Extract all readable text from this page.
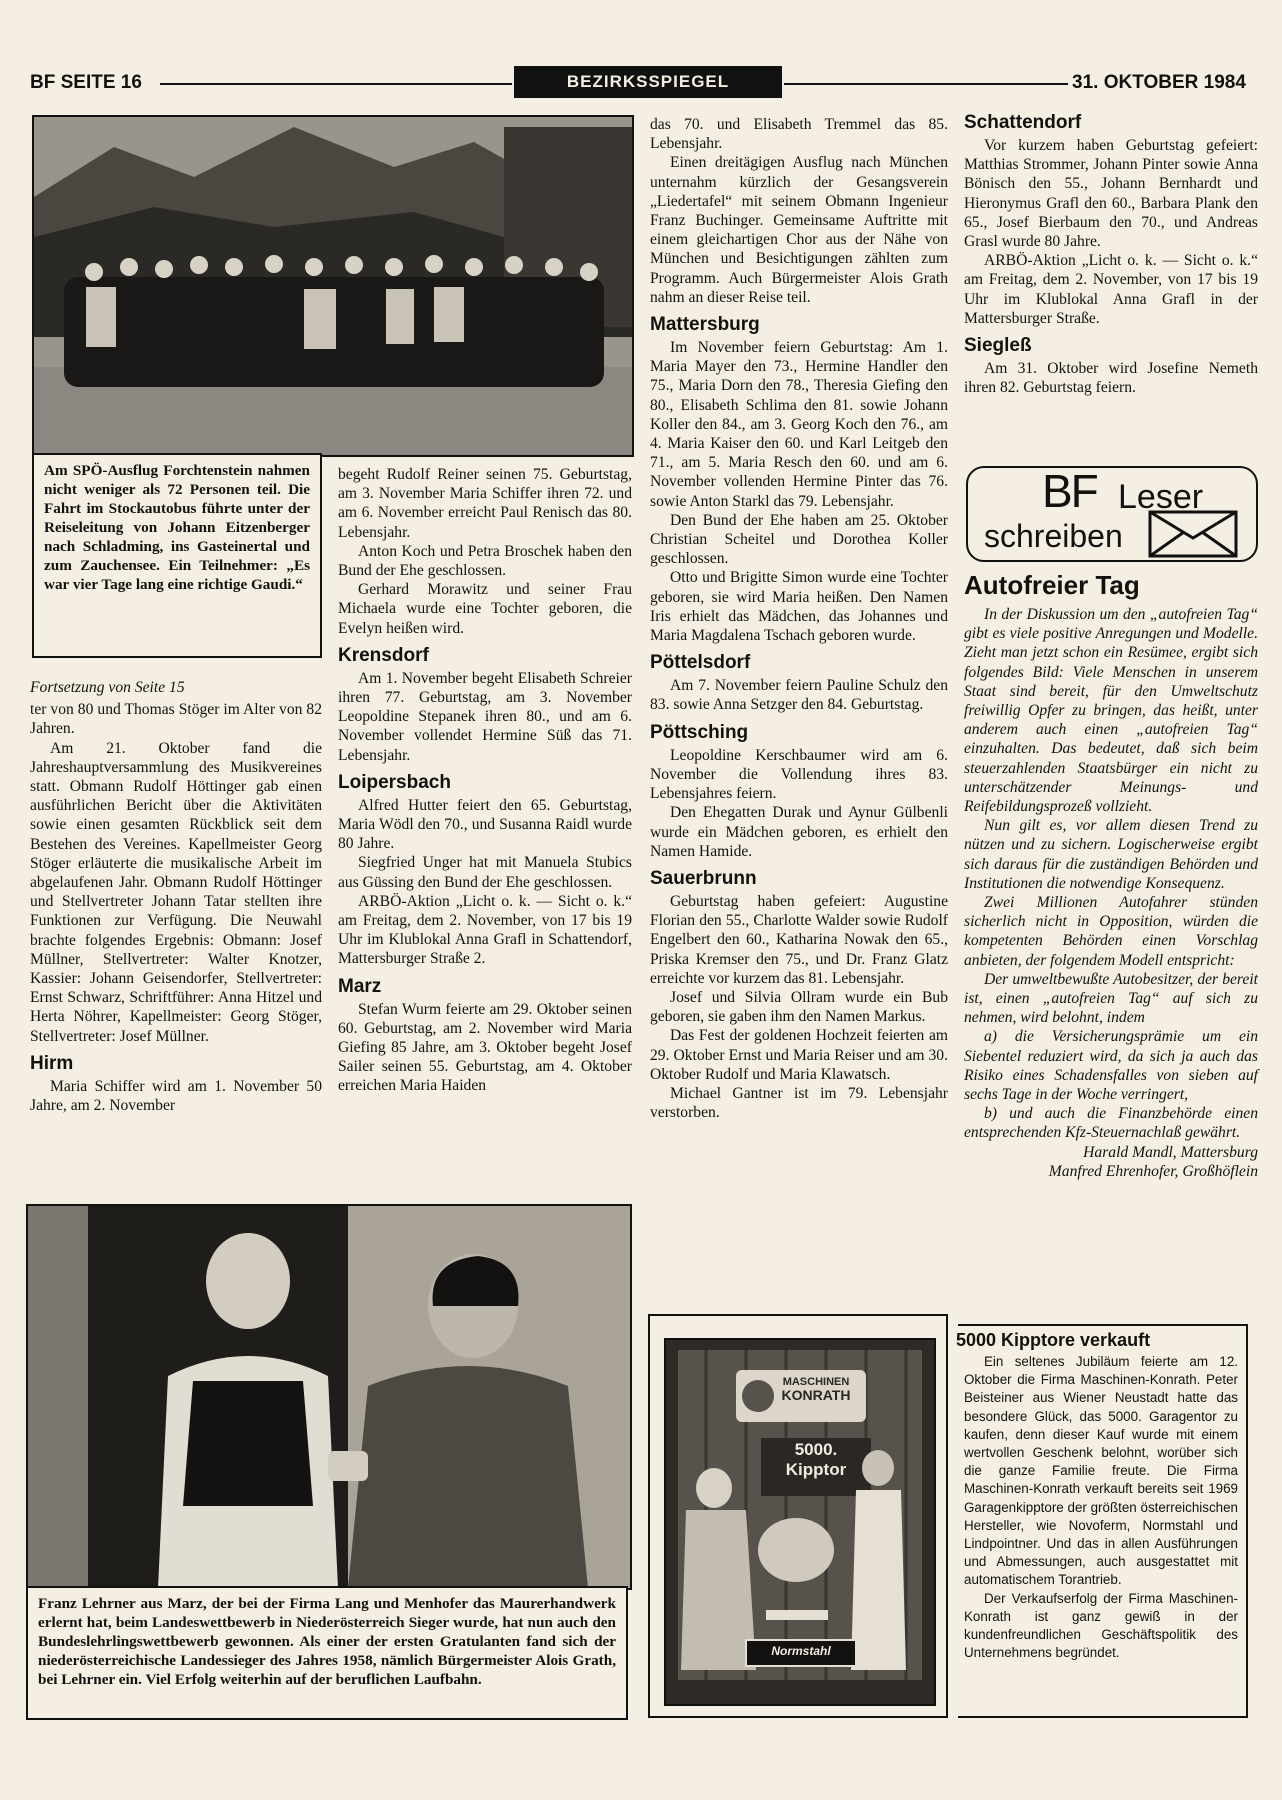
BF SEITE 16	BEZIRKSSPIEGEL	31. OKTOBER 1984
Am SPÖ-Ausflug Forchtenstein nahmen nicht weniger als 72 Personen teil. Die Fahrt im Stockautobus führte unter der Reiseleitung von Johann Eitzenberger nach Schladming, ins Gasteinertal und zum Zauchensee. Ein Teilnehmer: „Es war vier Tage lang eine richtige Gaudi.“

Fortsetzung von Seite 15

ter von 80 und Thomas Stöger im Alter von 82 Jahren.

Am 21. Oktober fand die Jahreshauptversammlung des Musikvereines statt. Obmann Rudolf Höttinger gab einen ausführlichen Bericht über die Aktivitäten sowie einen gesamten Rückblick seit dem Bestehen des Vereines. Kapellmeister Georg Stöger erläuterte die musikalische Arbeit im abgelaufenen Jahr. Obmann Rudolf Höttinger und Stellvertreter Johann Tatar stellten ihre Funktionen zur Verfügung. Die Neuwahl brachte folgendes Ergebnis: Obmann: Josef Müllner, Stellvertreter: Walter Knotzer, Kassier: Johann Geisendorfer, Stellvertreter: Ernst Schwarz, Schriftführer: Anna Hitzel und Herta Nöhrer, Kapellmeister: Georg Stöger, Stellvertreter: Josef Müllner.

Hirm

Maria Schiffer wird am 1. November 50 Jahre, am 2. November

begeht Rudolf Reiner seinen 75. Geburtstag, am 3. November Maria Schiffer ihren 72. und am 6. November erreicht Paul Renisch das 80. Lebensjahr.

Anton Koch und Petra Broschek haben den Bund der Ehe geschlossen.

Gerhard Morawitz und seiner Frau Michaela wurde eine Tochter geboren, die Evelyn heißen wird.

Krensdorf

Am 1. November begeht Elisabeth Schreier ihren 77. Geburtstag, am 3. November Leopoldine Stepanek ihren 80., und am 6. November vollendet Hermine Süß das 71. Lebensjahr.

Loipersbach

Alfred Hutter feiert den 65. Geburtstag, Maria Wödl den 70., und Susanna Raidl wurde 80 Jahre.

Siegfried Unger hat mit Manuela Stubics aus Güssing den Bund der Ehe geschlossen.

ARBÖ-Aktion „Licht o. k. — Sicht o. k.“ am Freitag, dem 2. November, von 17 bis 19 Uhr im Klublokal Anna Grafl in Schattendorf, Mattersburger Straße 2.

Marz

Stefan Wurm feierte am 29. Oktober seinen 60. Geburtstag, am 2. November wird Maria Giefing 85 Jahre, am 3. Oktober begeht Josef Sailer seinen 55. Geburtstag, am 4. Oktober erreichen Maria Haiden

das 70. und Elisabeth Tremmel das 85. Lebensjahr.

Einen dreitägigen Ausflug nach München unternahm kürzlich der Gesangsverein „Liedertafel“ mit seinem Obmann Ingenieur Franz Buchinger. Gemeinsame Auftritte mit einem gleichartigen Chor aus der Nähe von München und Besichtigungen zählten zum Programm. Auch Bürgermeister Alois Grath nahm an dieser Reise teil.

Mattersburg

Im November feiern Geburtstag: Am 1. Maria Mayer den 73., Hermine Handler den 75., Maria Dorn den 78., Theresia Giefing den 80., Elisabeth Schlima den 81. sowie Johann Koller den 84., am 3. Georg Koch den 76., am 4. Maria Kaiser den 60. und Karl Leitgeb den 71., am 5. Maria Resch den 60. und am 6. November vollenden Hermine Pinter das 76. sowie Anton Starkl das 79. Lebensjahr.

Den Bund der Ehe haben am 25. Oktober Christian Scheitel und Dorothea Koller geschlossen.

Otto und Brigitte Simon wurde eine Tochter geboren, sie wird Maria heißen. Den Namen Iris erhielt das Mädchen, das Johannes und Maria Magdalena Tschach geboren wurde.

Pöttelsdorf

Am 7. November feiern Pauline Schulz den 83. sowie Anna Setzger den 84. Geburtstag.

Pöttsching

Leopoldine Kerschbaumer wird am 6. November die Vollendung ihres 83. Lebensjahres feiern.

Den Ehegatten Durak und Aynur Gülbenli wurde ein Mädchen geboren, es erhielt den Namen Hamide.

Sauerbrunn

Geburtstag haben gefeiert: Augustine Florian den 55., Charlotte Walder sowie Rudolf Engelbert den 60., Katharina Nowak den 65., Priska Kremser den 75., und Dr. Franz Glatz erreichte vor kurzem das 81. Lebensjahr.

Josef und Silvia Ollram wurde ein Bub geboren, sie gaben ihm den Namen Markus.

Das Fest der goldenen Hochzeit feierten am 29. Oktober Ernst und Maria Reiser und am 30. Oktober Rudolf und Maria Klawatsch.

Michael Gantner ist im 79. Lebensjahr verstorben.

Schattendorf

Vor kurzem haben Geburtstag gefeiert: Matthias Strommer, Johann Pinter sowie Anna Bönisch den 55., Johann Bernhardt und Hieronymus Grafl den 60., Barbara Plank den 65., Josef Bierbaum den 70., und Andreas Grasl wurde 80 Jahre.

ARBÖ-Aktion „Licht o. k. — Sicht o. k.“ am Freitag, dem 2. November, von 17 bis 19 Uhr im Klublokal Anna Grafl in der Mattersburger Straße.

Sieglеß

Am 31. Oktober wird Josefine Nemeth ihren 82. Geburtstag feiern.

BF Leser
schreiben
Autofreier Tag

In der Diskussion um den „autofreien Tag“ gibt es viele positive Anregungen und Modelle. Zieht man jetzt schon ein Resümee, ergibt sich folgendes Bild: Viele Menschen in unserem Staat sind bereit, für den Umweltschutz freiwillig Opfer zu bringen, das heißt, unter anderem auch einen „autofreien Tag“ einzuhalten. Das bedeutet, daß sich beim steuerzahlenden Staatsbürger ein nicht zu unterschätzender Meinungs- und Reifebildungsprozeß vollzieht.

Nun gilt es, vor allem diesen Trend zu nützen und zu sichern. Logischerweise ergibt sich daraus für die zuständigen Behörden und Institutionen die notwendige Konsequenz.

Zwei Millionen Autofahrer stünden sicherlich nicht in Opposition, würden die kompetenten Behörden einen Vorschlag anbieten, der folgendem Modell entspricht:

Der umweltbewußte Autobesitzer, der bereit ist, einen „autofreien Tag“ auf sich zu nehmen, wird belohnt, indem

a) die Versicherungsprämie um ein Siebentel reduziert wird, da sich ja auch das Risiko eines Schadensfalles von sieben auf sechs Tage in der Woche verringert,

b) und auch die Finanzbehörde einen entsprechenden Kfz-Steuernachlaß gewährt.

Harald Mandl, Mattersburg

Manfred Ehrenhofer, Großhöflein

Franz Lehrner aus Marz, der bei der Firma Lang und Menhofer das Maurerhandwerk erlernt hat, beim Landeswettbewerb in Niederösterreich Sieger wurde, hat nun auch den Bundeslehrlingswettbewerb gewonnen. Als einer der ersten Gratulanten fand sich der niederösterreichische Landessieger des Jahres 1958, nämlich Bürgermeister Alois Grath, bei Lehrner ein. Viel Erfolg weiterhin auf der beruflichen Laufbahn.
MASCHINEN
KONRATH
5000.
Kipptor
Normstahl
5000 Kipptore verkauft

Ein seltenes Jubiläum feierte am 12. Oktober die Firma Maschinen-Konrath. Peter Beisteiner aus Wiener Neustadt hatte das besondere Glück, das 5000. Garagentor zu kaufen, denn dieser Kauf wurde mit einem wertvollen Geschenk belohnt, worüber sich die ganze Familie freute. Die Firma Maschinen-Konrath verkauft bereits seit 1969 Garagenkipptore der größten österreichischen Hersteller, wie Novoferm, Normstahl und Lindpointner. Und das in allen Ausführungen und Abmessungen, auch ausgestattet mit automatischem Torantrieb.

Der Verkaufserfolg der Firma Maschinen-Konrath ist ganz gewiß in der kundenfreundlichen Geschäftspolitik des Unternehmens begründet.
